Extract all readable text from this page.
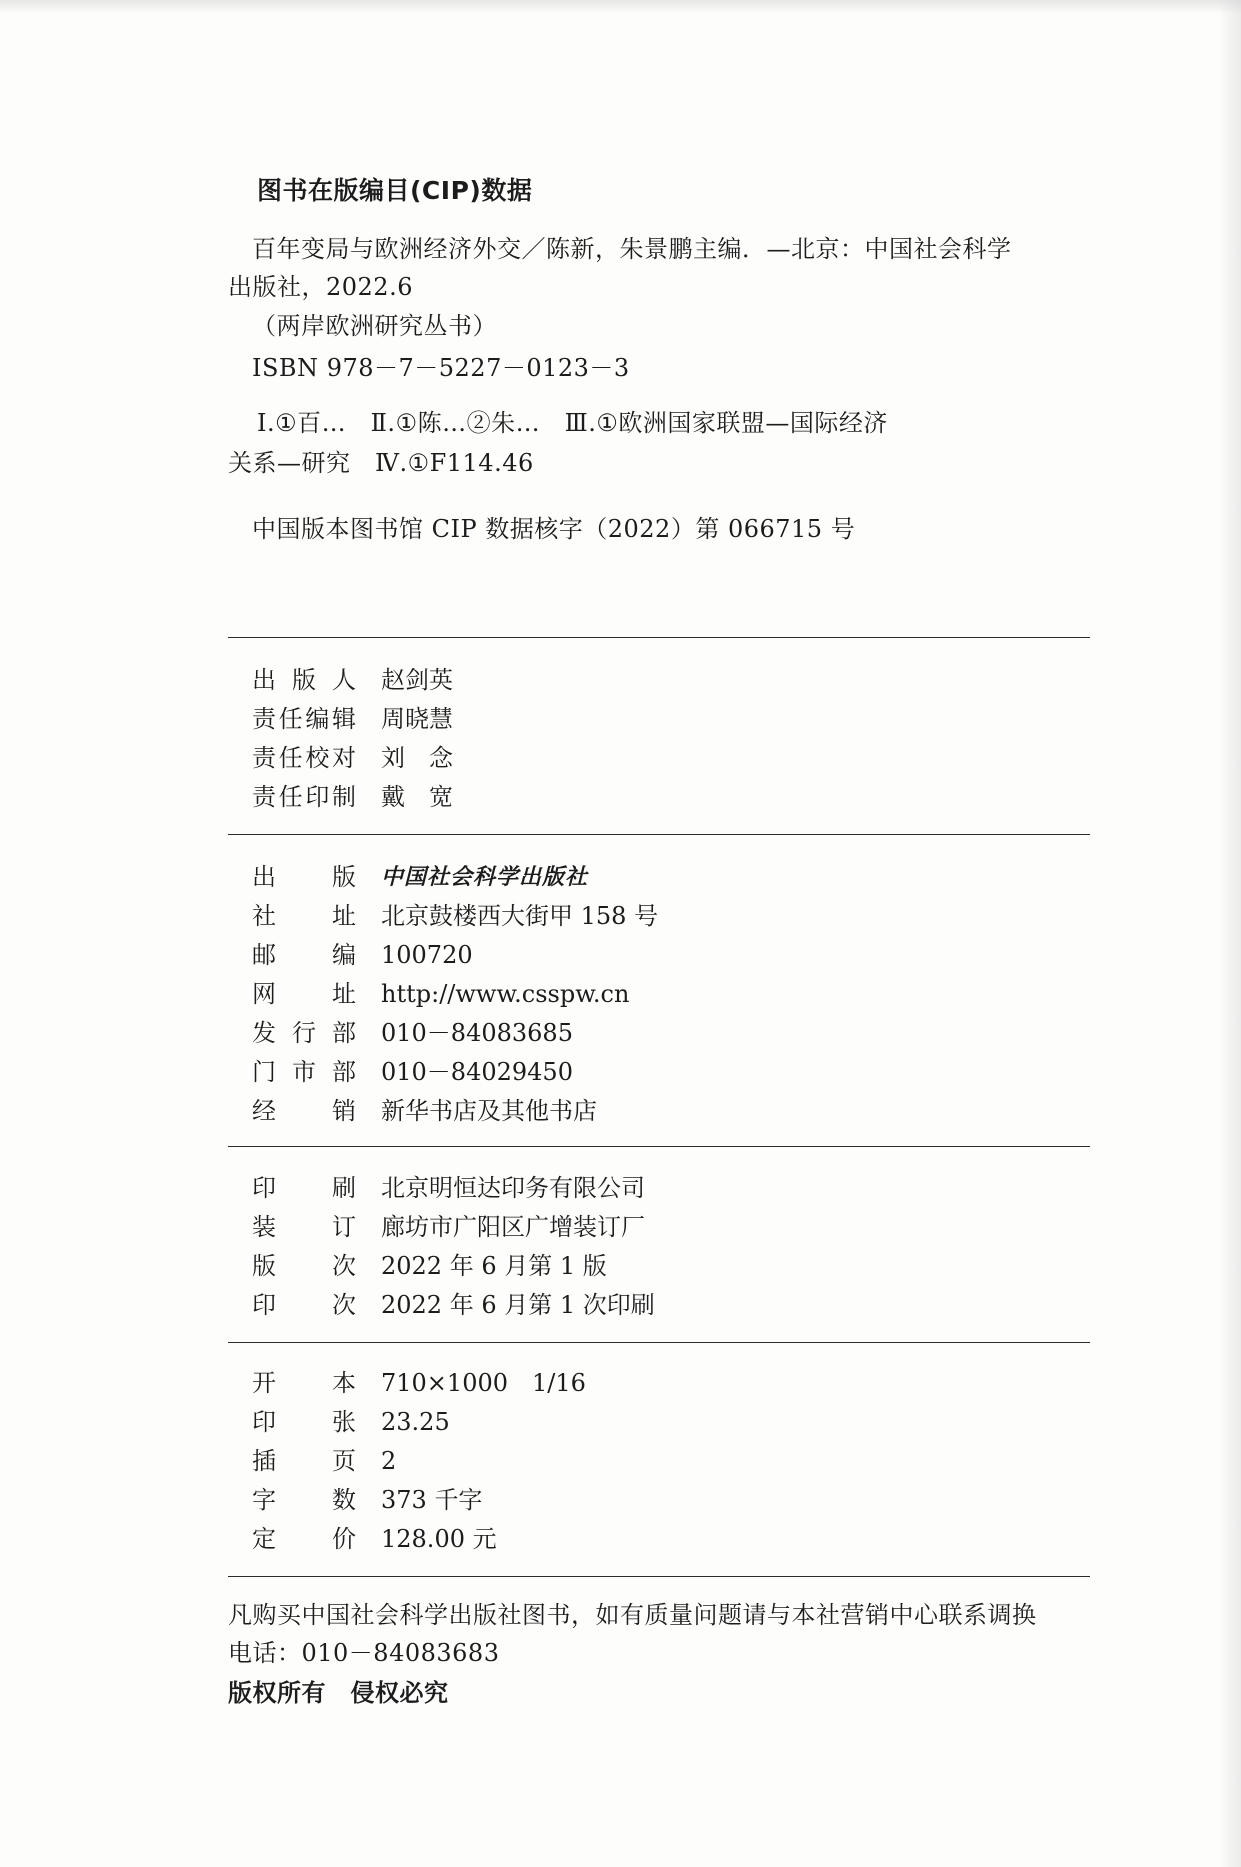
图书在版编目(CIP)数据
百年变局与欧洲经济外交／陈新，朱景鹏主编．—北京：中国社会科学
出版社，2022.6
（两岸欧洲研究丛书）
ISBN 978－7－5227－0123－3
Ⅰ.①百…　Ⅱ.①陈…②朱…　Ⅲ.①欧洲国家联盟—国际经济
关系—研究　Ⅳ.①F114.46
中国版本图书馆 CIP 数据核字（2022）第 066715 号
出 版 人 赵剑英
责 任 编 辑 周晓慧
责 任 校 对 刘　念
责 任 印 制 戴　宽
出 版 中国社会科学出版社
社 址 北京鼓楼西大街甲 158 号
邮 编 100720
网 址 http://www.csspw.cn
发 行 部 010－84083685
门 市 部 010－84029450
经 销 新华书店及其他书店
印 刷 北京明恒达印务有限公司
装 订 廊坊市广阳区广增装订厂
版 次 2022 年 6 月第 1 版
印 次 2022 年 6 月第 1 次印刷
开 本 710×1000　1/16
印 张 23.25
插 页 2
字 数 373 千字
定 价 128.00 元
凡购买中国社会科学出版社图书，如有质量问题请与本社营销中心联系调换
电话：010－84083683
版权所有　侵权必究
